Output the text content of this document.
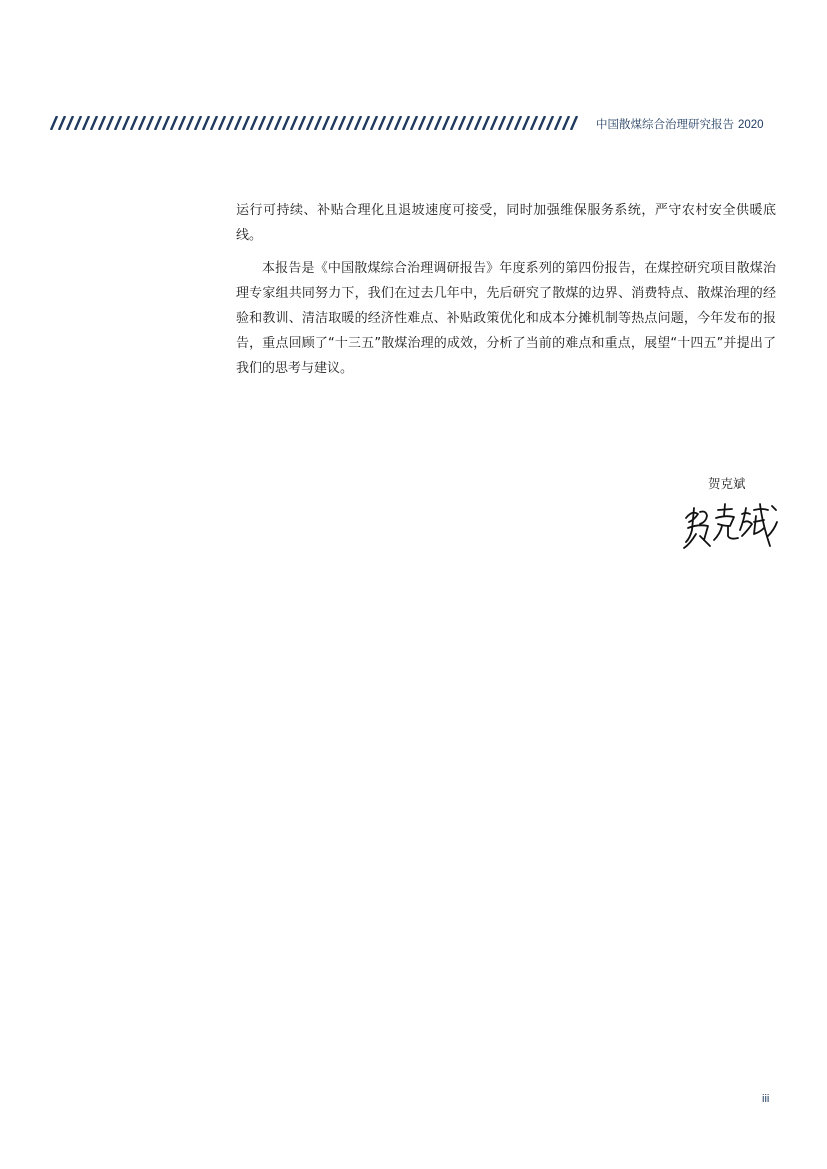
中国散煤综合治理研究报告 2020

运行可持续、补贴合理化且退坡速度可接受，同时加强维保服务系统，严守农村安全供暖底线。

本报告是《中国散煤综合治理调研报告》年度系列的第四份报告，在煤控研究项目散煤治理专家组共同努力下，我们在过去几年中，先后研究了散煤的边界、消费特点、散煤治理的经验和教训、清洁取暖的经济性难点、补贴政策优化和成本分摊机制等热点问题，今年发布的报告，重点回顾了“十三五”散煤治理的成效，分析了当前的难点和重点，展望“十四五”并提出了我们的思考与建议。

贺克斌
iii
